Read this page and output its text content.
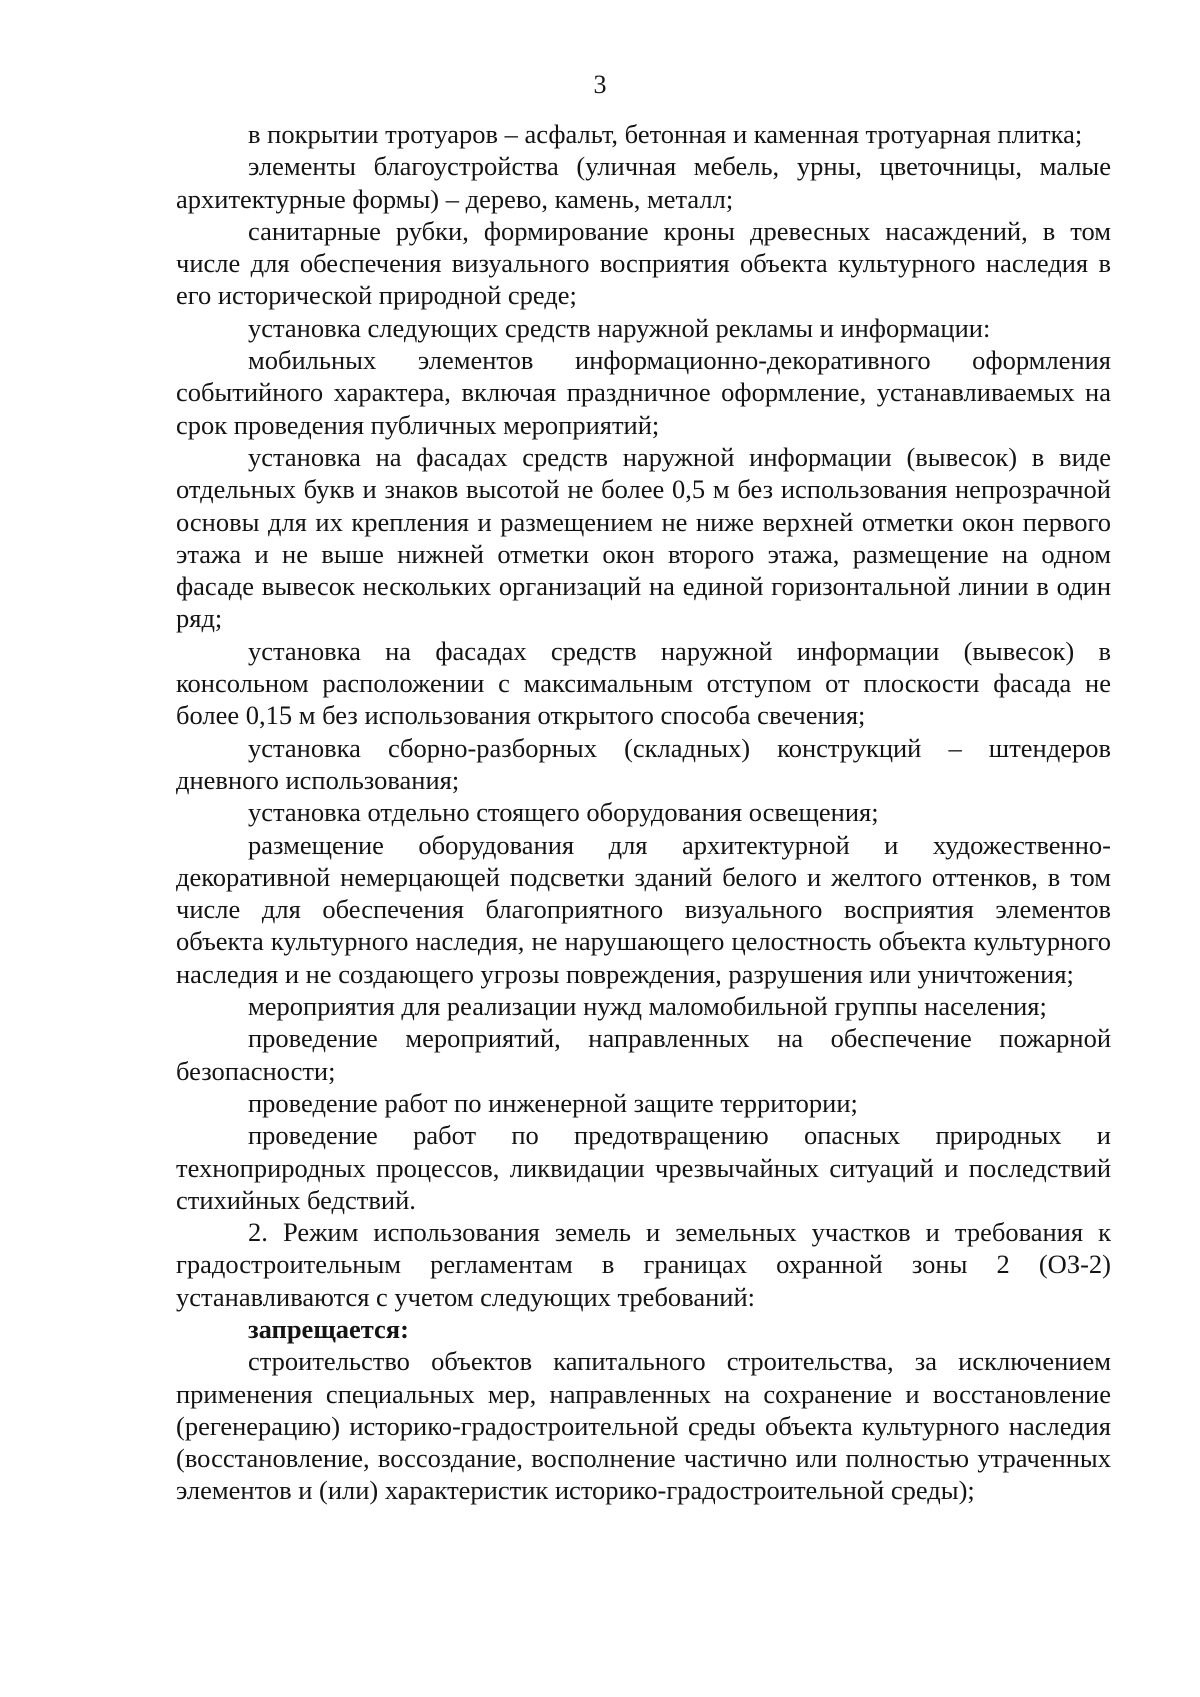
3

в покрытии тротуаров – асфальт, бетонная и каменная тротуарная плитка;

элементы благоустройства (уличная мебель, урны, цветочницы, малые архитектурные формы) – дерево, камень, металл;

санитарные рубки, формирование кроны древесных насаждений, в том числе для обеспечения визуального восприятия объекта культурного наследия в его исторической природной среде;

установка следующих средств наружной рекламы и информации:

мобильных элементов информационно-декоративного оформления событийного характера, включая праздничное оформление, устанавливаемых на срок проведения публичных мероприятий;

установка на фасадах средств наружной информации (вывесок) в виде отдельных букв и знаков высотой не более 0,5 м без использования непрозрачной основы для их крепления и размещением не ниже верхней отметки окон первого этажа и не выше нижней отметки окон второго этажа, размещение на одном фасаде вывесок нескольких организаций на единой горизонтальной линии в один ряд;

установка на фасадах средств наружной информации (вывесок) в консольном расположении с максимальным отступом от плоскости фасада не более 0,15 м без использования открытого способа свечения;

установка сборно-разборных (складных) конструкций – штендеров дневного использования;

установка отдельно стоящего оборудования освещения;

размещение оборудования для архитектурной и художественно-декоративной немерцающей подсветки зданий белого и желтого оттенков, в том числе для обеспечения благоприятного визуального восприятия элементов объекта культурного наследия, не нарушающего целостность объекта культурного наследия и не создающего угрозы повреждения, разрушения или уничтожения;

мероприятия для реализации нужд маломобильной группы населения;

проведение мероприятий, направленных на обеспечение пожарной безопасности;

проведение работ по инженерной защите территории;

проведение работ по предотвращению опасных природных и техноприродных процессов, ликвидации чрезвычайных ситуаций и последствий стихийных бедствий.

2. Режим использования земель и земельных участков и требования к градостроительным регламентам в границах охранной зоны 2 (ОЗ-2) устанавливаются с учетом следующих требований:

запрещается:

строительство объектов капитального строительства, за исключением применения специальных мер, направленных на сохранение и восстановление (регенерацию) историко-градостроительной среды объекта культурного наследия (восстановление, воссоздание, восполнение частично или полностью утраченных элементов и (или) характеристик историко-градостроительной среды);
